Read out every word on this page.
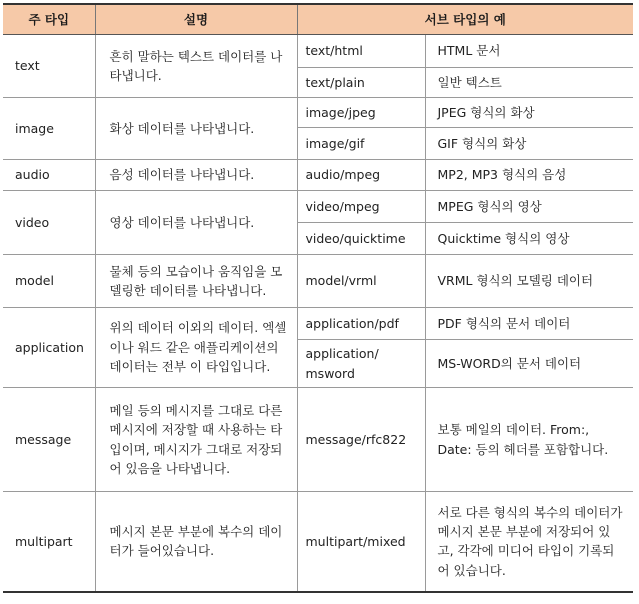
주 타입	설명	서브 타입의 예	
text	흔히 말하는 텍스트 데이터를 나타냅니다.	text/html	HTML 문서
		text/plain	일반 텍스트
image	화상 데이터를 나타냅니다.	image/jpeg	JPEG 형식의 화상
		image/gif	GIF 형식의 화상
audio	음성 데이터를 나타냅니다.	audio/mpeg	MP2, MP3 형식의 음성
video	영상 데이터를 나타냅니다.	video/mpeg	MPEG 형식의 영상
		video/quicktime	Quicktime 형식의 영상
model	물체 등의 모습이나 움직임을 모델링한 데이터를 나타냅니다.	model/vrml	VRML 형식의 모델링 데이터
application	위의 데이터 이외의 데이터. 엑셀이나 워드 같은 애플리케이션의 데이터는 전부 이 타입입니다.	application/pdf	PDF 형식의 문서 데이터
		application/ msword	MS-WORD의 문서 데이터
message	메일 등의 메시지를 그대로 다른 메시지에 저장할 때 사용하는 타입이며, 메시지가 그대로 저장되어 있음을 나타냅니다.	message/rfc822	보통 메일의 데이터. From:, Date: 등의 헤더를 포함합니다.
multipart	메시지 본문 부분에 복수의 데이터가 들어있습니다.	multipart/mixed	서로 다른 형식의 복수의 데이터가 메시지 본문 부분에 저장되어 있고, 각각에 미디어 타입이 기록되어 있습니다.
